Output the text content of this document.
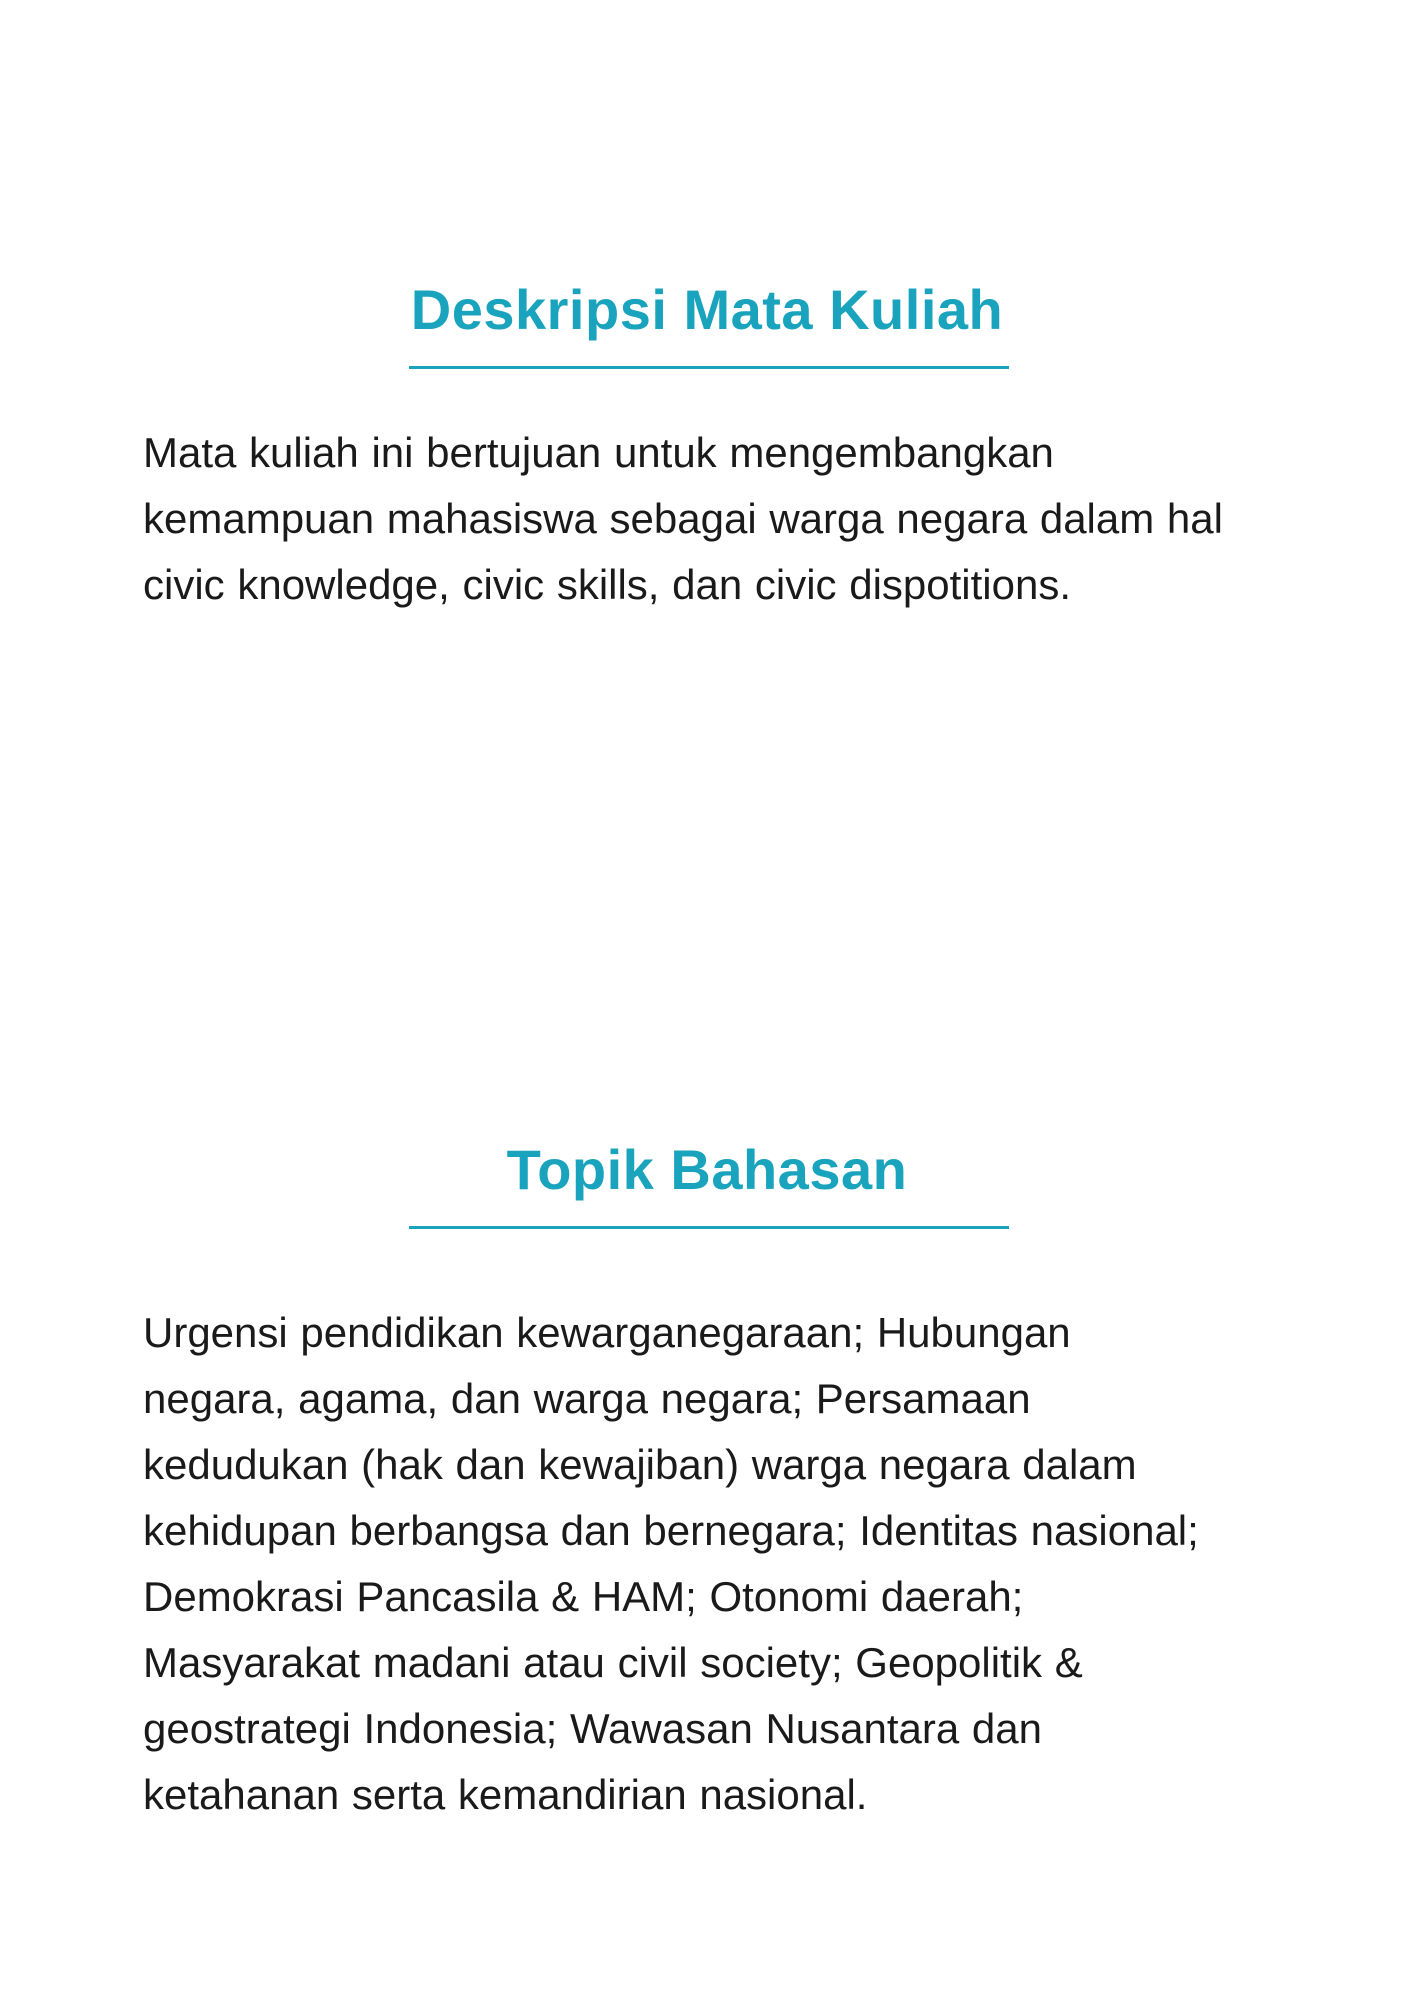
Deskripsi Mata Kuliah

Mata kuliah ini bertujuan untuk mengembangkan
kemampuan mahasiswa sebagai warga negara dalam hal
civic knowledge, civic skills, dan civic dispotitions.

Topik Bahasan

Urgensi pendidikan kewarganegaraan; Hubungan
negara, agama, dan warga negara; Persamaan
kedudukan (hak dan kewajiban) warga negara dalam
kehidupan berbangsa dan bernegara; Identitas nasional;
Demokrasi Pancasila & HAM; Otonomi daerah;
Masyarakat madani atau civil society; Geopolitik &
geostrategi Indonesia; Wawasan Nusantara dan
ketahanan serta kemandirian nasional.
